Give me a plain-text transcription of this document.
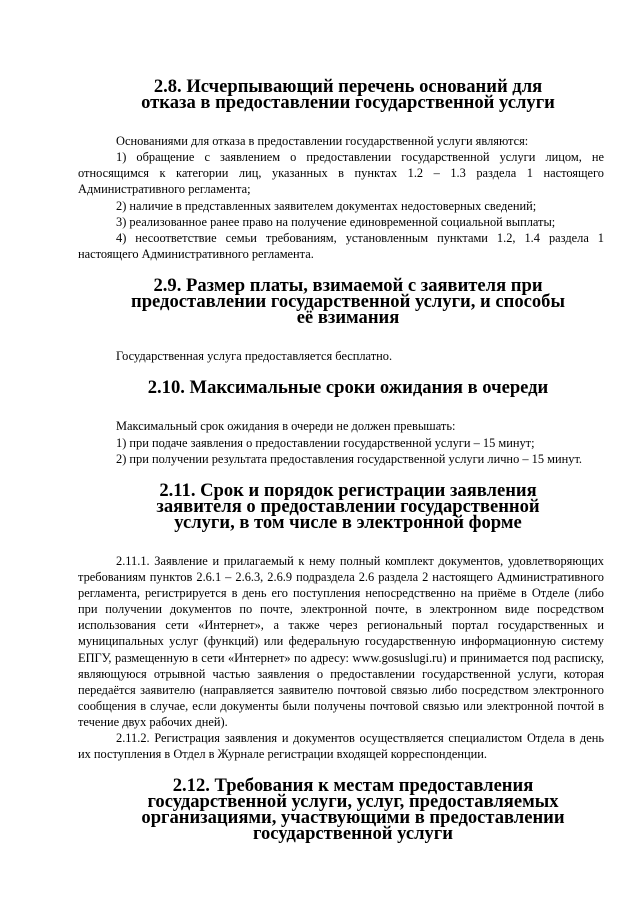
2.8. Исчерпывающий перечень оснований для отказа в предоставлении государственной услуги

Основаниями для отказа в предоставлении государственной услуги являются:

1) обращение с заявлением о предоставлении государственной услуги лицом, не относящимся к категории лиц, указанных в пунктах 1.2 – 1.3 раздела 1 настоящего Административного регламента;

2) наличие в представленных заявителем документах недостоверных сведений;

3) реализованное ранее право на получение единовременной социальной выплаты;

4) несоответствие семьи требованиям, установленным пунктами 1.2, 1.4 раздела 1 настоящего Административного регламента.

2.9. Размер платы, взимаемой с заявителя при предоставлении государственной услуги, и способы её взимания

Государственная услуга предоставляется бесплатно.

2.10. Максимальные сроки ожидания в очереди

Максимальный срок ожидания в очереди не должен превышать:

1) при подаче заявления о предоставлении государственной услуги – 15 минут;

2) при получении результата предоставления государственной услуги лично – 15 минут.

2.11. Срок и порядок регистрации заявления заявителя о предоставлении государственной услуги, в том числе в электронной форме

2.11.1. Заявление и прилагаемый к нему полный комплект документов, удовлетворяющих требованиям пунктов 2.6.1 – 2.6.3, 2.6.9 подраздела 2.6 раздела 2 настоящего Административного регламента, регистрируется в день его поступления непосредственно на приёме в Отделе (либо при получении документов по почте, электронной почте, в электронном виде посредством использования сети «Интернет», а также через региональный портал государственных и муниципальных услуг (функций) или федеральную государственную информационную систему ЕПГУ, размещенную в сети «Интернет» по адресу: www.gosuslugi.ru) и принимается под расписку, являющуюся отрывной частью заявления о предоставлении государственной услуги, которая передаётся заявителю (направляется заявителю почтовой связью либо посредством электронного сообщения в случае, если документы были получены почтовой связью или электронной почтой в течение двух рабочих дней).

2.11.2. Регистрация заявления и документов осуществляется специалистом Отдела в день их поступления в Отдел в Журнале регистрации входящей корреспонденции.

2.12. Требования к местам предоставления государственной услуги, услуг, предоставляемых организациями, участвующими в предоставлении государственной услуги
